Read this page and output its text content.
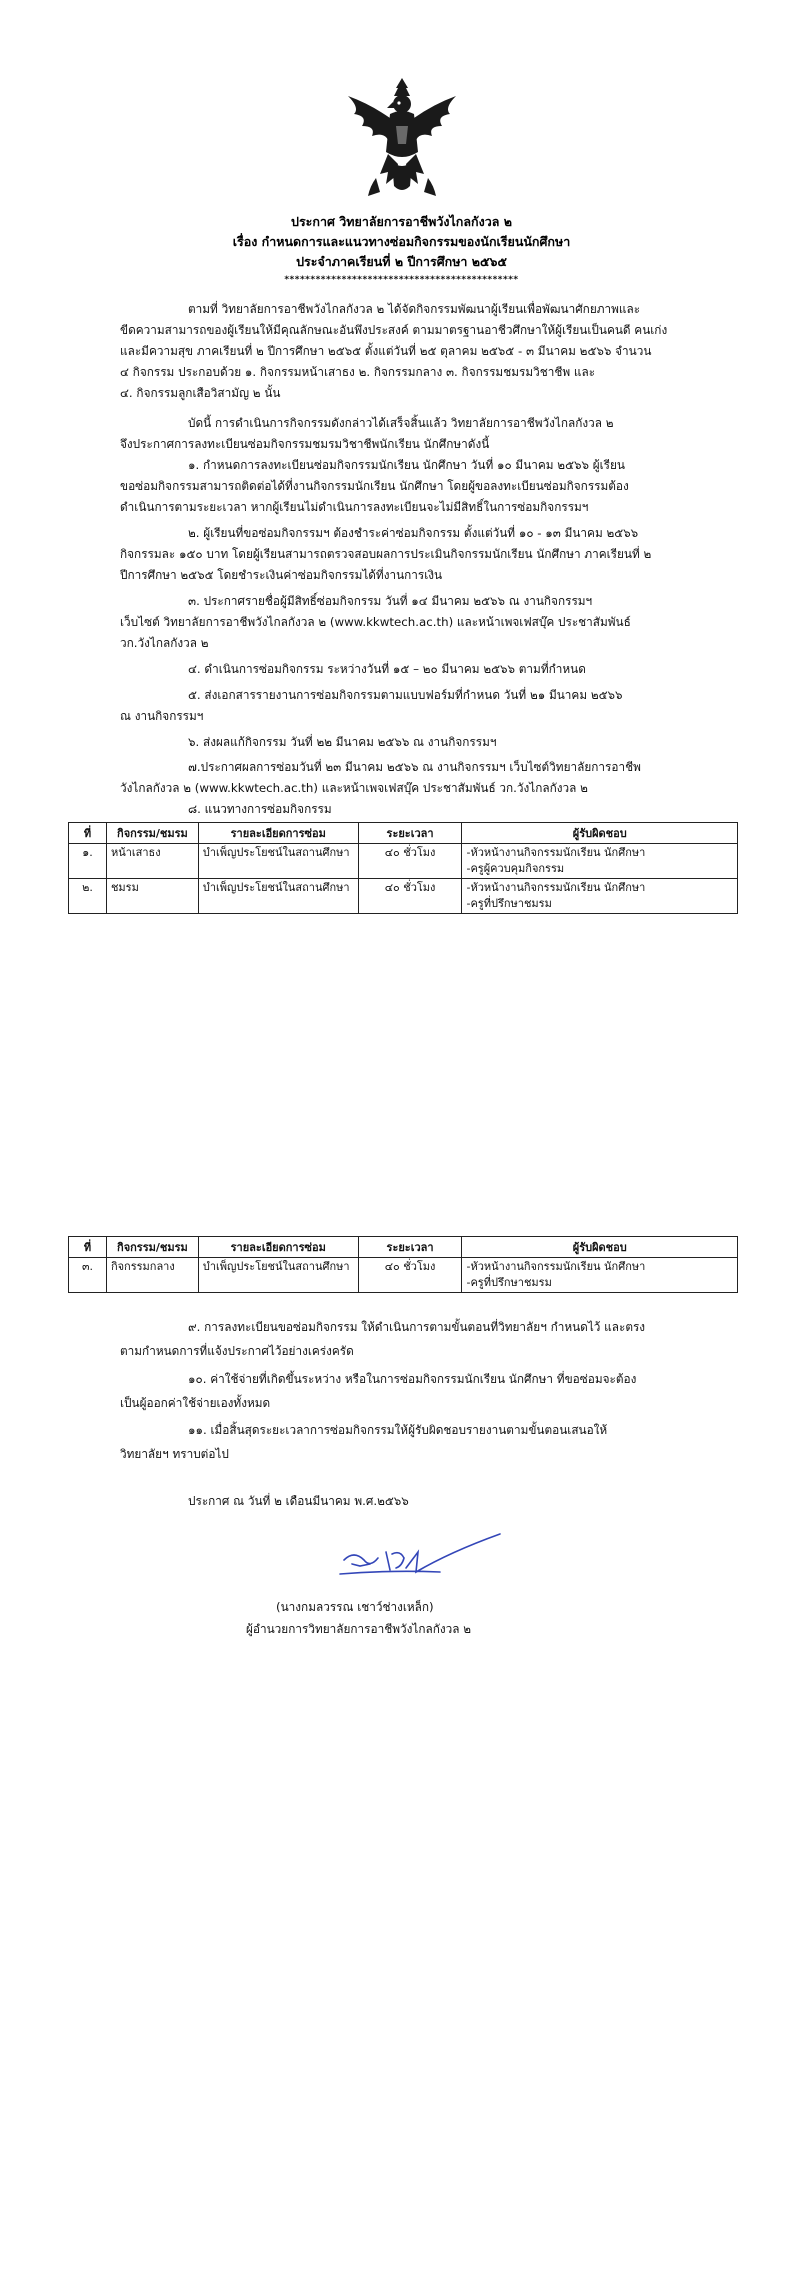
ประกาศ วิทยาลัยการอาชีพวังไกลกังวล ๒
เรื่อง กำหนดการและแนวทางซ่อมกิจกรรมของนักเรียนนักศึกษา
ประจำภาคเรียนที่ ๒ ปีการศึกษา ๒๕๖๕
*********************************************

ตามที่ วิทยาลัยการอาชีพวังไกลกังวล ๒ ได้จัดกิจกรรมพัฒนาผู้เรียนเพื่อพัฒนาศักยภาพและ

ขีดความสามารถของผู้เรียนให้มีคุณลักษณะอันพึงประสงค์ ตามมาตรฐานอาชีวศึกษาให้ผู้เรียนเป็นคนดี คนเก่ง

และมีความสุข ภาคเรียนที่ ๒ ปีการศึกษา ๒๕๖๕ ตั้งแต่วันที่ ๒๕ ตุลาคม ๒๕๖๕ - ๓ มีนาคม ๒๕๖๖ จำนวน

๔ กิจกรรม ประกอบด้วย ๑. กิจกรรมหน้าเสาธง ๒. กิจกรรมกลาง ๓. กิจกรรมชมรมวิชาชีพ และ

๔. กิจกรรมลูกเสือวิสามัญ ๒ นั้น

บัดนี้ การดำเนินการกิจกรรมดังกล่าวได้เสร็จสิ้นแล้ว วิทยาลัยการอาชีพวังไกลกังวล ๒

จึงประกาศการลงทะเบียนซ่อมกิจกรรมชมรมวิชาชีพนักเรียน นักศึกษาดังนี้

๑. กำหนดการลงทะเบียนซ่อมกิจกรรมนักเรียน นักศึกษา วันที่ ๑๐ มีนาคม ๒๕๖๖ ผู้เรียน

ขอซ่อมกิจกรรมสามารถติดต่อได้ที่งานกิจกรรมนักเรียน นักศึกษา โดยผู้ขอลงทะเบียนซ่อมกิจกรรมต้อง

ดำเนินการตามระยะเวลา หากผู้เรียนไม่ดำเนินการลงทะเบียนจะไม่มีสิทธิ์ในการซ่อมกิจกรรมฯ

๒. ผู้เรียนที่ขอซ่อมกิจกรรมฯ ต้องชำระค่าซ่อมกิจกรรม ตั้งแต่วันที่ ๑๐ - ๑๓ มีนาคม ๒๕๖๖

กิจกรรมละ ๑๕๐ บาท โดยผู้เรียนสามารถตรวจสอบผลการประเมินกิจกรรมนักเรียน นักศึกษา ภาคเรียนที่ ๒

ปีการศึกษา ๒๕๖๕ โดยชำระเงินค่าซ่อมกิจกรรมได้ที่งานการเงิน

๓. ประกาศรายชื่อผู้มีสิทธิ์ซ่อมกิจกรรม วันที่ ๑๔ มีนาคม ๒๕๖๖ ณ งานกิจกรรมฯ

เว็บไซต์ วิทยาลัยการอาชีพวังไกลกังวล ๒ (www.kkwtech.ac.th) และหน้าเพจเฟสบุ๊ค ประชาสัมพันธ์

วก.วังไกลกังวล ๒

๔. ดำเนินการซ่อมกิจกรรม ระหว่างวันที่ ๑๕ – ๒๐ มีนาคม ๒๕๖๖ ตามที่กำหนด

๕. ส่งเอกสารรายงานการซ่อมกิจกรรมตามแบบฟอร์มที่กำหนด วันที่ ๒๑ มีนาคม ๒๕๖๖

ณ งานกิจกรรมฯ

๖. ส่งผลแก้กิจกรรม วันที่ ๒๒ มีนาคม ๒๕๖๖ ณ งานกิจกรรมฯ

๗.ประกาศผลการซ่อมวันที่ ๒๓ มีนาคม ๒๕๖๖ ณ งานกิจกรรมฯ เว็บไซต์วิทยาลัยการอาชีพ

วังไกลกังวล ๒ (www.kkwtech.ac.th) และหน้าเพจเฟสบุ๊ค ประชาสัมพันธ์ วก.วังไกลกังวล ๒

๘. แนวทางการซ่อมกิจกรรม

ที่	กิจกรรม/ชมรม	รายละเอียดการซ่อม	ระยะเวลา	ผู้รับผิดชอบ
๑.	หน้าเสาธง	บำเพ็ญประโยชน์ในสถานศึกษา	๔๐ ชั่วโมง	-หัวหน้างานกิจกรรมนักเรียน นักศึกษา
-ครูผู้ควบคุมกิจกรรม

๒.	ชมรม	บำเพ็ญประโยชน์ในสถานศึกษา	๔๐ ชั่วโมง	-หัวหน้างานกิจกรรมนักเรียน นักศึกษา
-ครูที่ปรึกษาชมรม
ที่	กิจกรรม/ชมรม	รายละเอียดการซ่อม	ระยะเวลา	ผู้รับผิดชอบ
๓.	กิจกรรมกลาง	บำเพ็ญประโยชน์ในสถานศึกษา	๔๐ ชั่วโมง	-หัวหน้างานกิจกรรมนักเรียน นักศึกษา
-ครูที่ปรึกษาชมรม

๙. การลงทะเบียนขอซ่อมกิจกรรม ให้ดำเนินการตามขั้นตอนที่วิทยาลัยฯ กำหนดไว้ และตรง

ตามกำหนดการที่แจ้งประกาศไว้อย่างเคร่งครัด

๑๐. ค่าใช้จ่ายที่เกิดขึ้นระหว่าง หรือในการซ่อมกิจกรรมนักเรียน นักศึกษา ที่ขอซ่อมจะต้อง

เป็นผู้ออกค่าใช้จ่ายเองทั้งหมด

๑๑. เมื่อสิ้นสุดระยะเวลาการซ่อมกิจกรรมให้ผู้รับผิดชอบรายงานตามขั้นตอนเสนอให้

วิทยาลัยฯ ทราบต่อไป

ประกาศ ณ วันที่ ๒ เดือนมีนาคม พ.ศ.๒๕๖๖

(นางกมลวรรณ เชาว์ช่างเหล็ก)

ผู้อำนวยการวิทยาลัยการอาชีพวังไกลกังวล ๒
